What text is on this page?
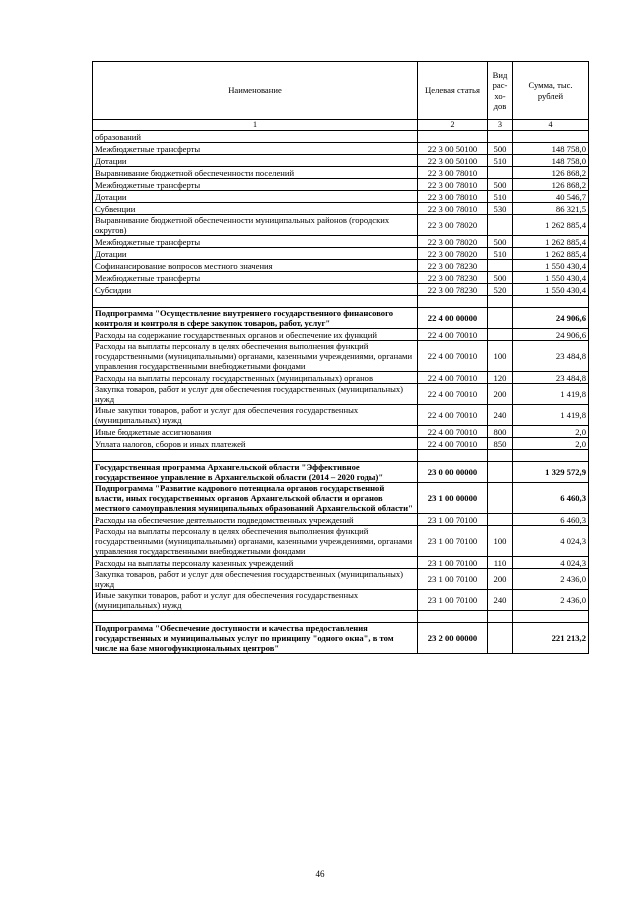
Наименование	Целевая статья	Вид рас-хо-дов	Сумма, тыс. рублей
1	2	3	4
образований			
Межбюджетные трансферты	22 3 00 50100	500	148 758,0
Дотации	22 3 00 50100	510	148 758,0
Выравнивание бюджетной обеспеченности поселений	22 3 00 78010		126 868,2
Межбюджетные трансферты	22 3 00 78010	500	126 868,2
Дотации	22 3 00 78010	510	40 546,7
Субвенции	22 3 00 78010	530	86 321,5
Выравнивание бюджетной обеспеченности муниципальных районов (городских округов)	22 3 00 78020		1 262 885,4
Межбюджетные трансферты	22 3 00 78020	500	1 262 885,4
Дотации	22 3 00 78020	510	1 262 885,4
Софинансирование вопросов местного значения	22 3 00 78230		1 550 430,4
Межбюджетные трансферты	22 3 00 78230	500	1 550 430,4
Субсидии	22 3 00 78230	520	1 550 430,4

Подпрограмма "Осуществление внутреннего государственного финансового контроля и контроля в сфере закупок товаров, работ, услуг"	22 4 00 00000		24 906,6
Расходы на содержание государственных органов и обеспечение их функций	22 4 00 70010		24 906,6
Расходы на выплаты персоналу в целях обеспечения выполнения функций государственными (муниципальными) органами, казенными учреждениями, органами управления государственными внебюджетными фондами	22 4 00 70010	100	23 484,8
Расходы на выплаты персоналу государственных (муниципальных) органов	22 4 00 70010	120	23 484,8
Закупка товаров, работ и услуг для обеспечения государственных (муниципальных) нужд	22 4 00 70010	200	1 419,8
Иные закупки товаров, работ и услуг для обеспечения государственных (муниципальных) нужд	22 4 00 70010	240	1 419,8
Иные бюджетные ассигнования	22 4 00 70010	800	2,0
Уплата налогов, сборов и иных платежей	22 4 00 70010	850	2,0

Государственная программа Архангельской области "Эффективное государственное управление в Архангельской области (2014 – 2020 годы)"	23 0 00 00000		1 329 572,9
Подпрограмма "Развитие кадрового потенциала органов государственной власти, иных государственных органов Архангельской области и органов местного самоуправления муниципальных образований Архангельской области"	23 1 00 00000		6 460,3
Расходы на обеспечение деятельности подведомственных учреждений	23 1 00 70100		6 460,3
Расходы на выплаты персоналу в целях обеспечения выполнения функций государственными (муниципальными) органами, казенными учреждениями, органами управления государственными внебюджетными фондами	23 1 00 70100	100	4 024,3
Расходы на выплаты персоналу казенных учреждений	23 1 00 70100	110	4 024,3
Закупка товаров, работ и услуг для обеспечения государственных (муниципальных) нужд	23 1 00 70100	200	2 436,0
Иные закупки товаров, работ и услуг для обеспечения государственных (муниципальных) нужд	23 1 00 70100	240	2 436,0

Подпрограмма "Обеспечение доступности и качества предоставления государственных и муниципальных услуг по принципу "одного окна", в том числе на базе многофункциональных центров"	23 2 00 00000		221 213,2
46
